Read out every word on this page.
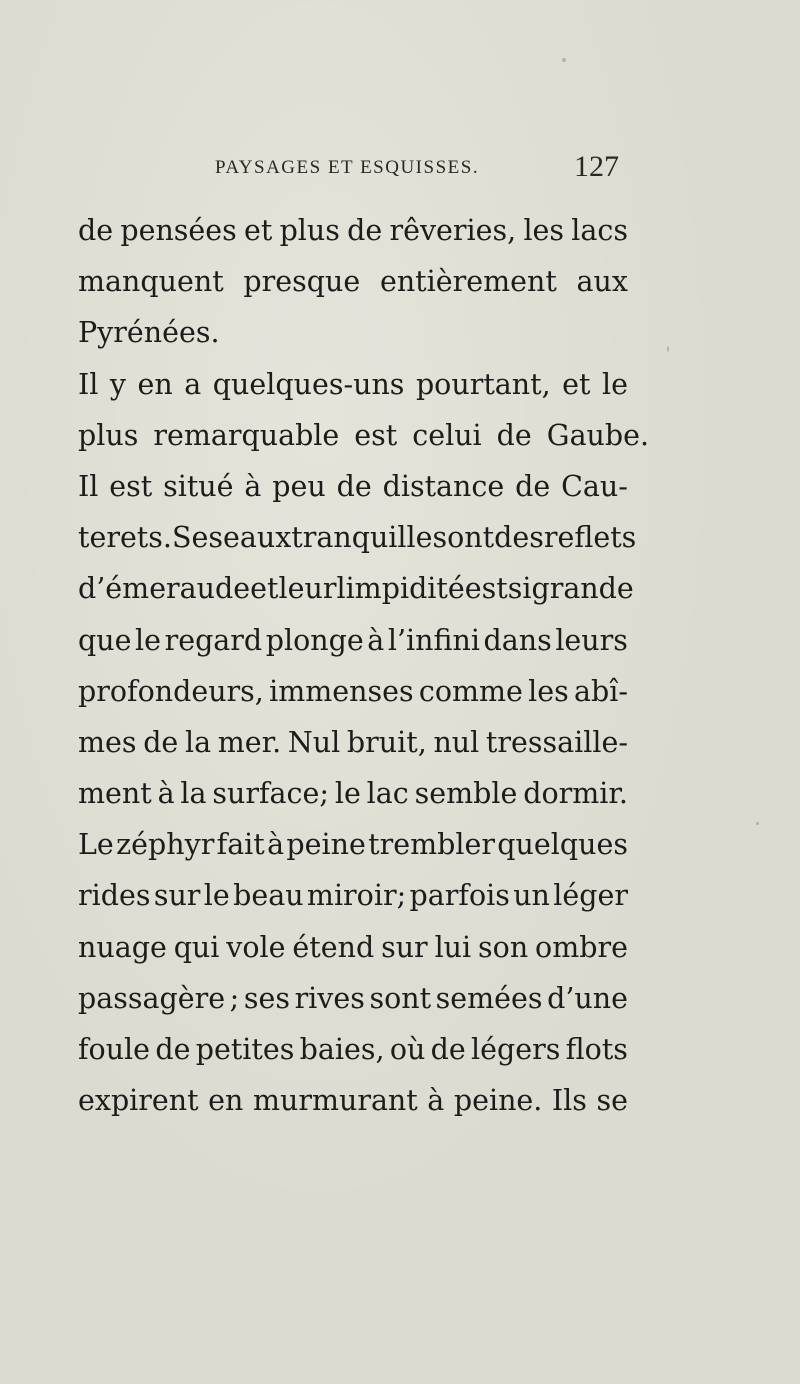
PAYSAGES ET ESQUISSES.	127
de pensées et plus de rêveries, les lacs
manquent presque entièrement aux
Pyrénées.
Il y en a quelques-uns pourtant, et le
plus remarquable est celui de Gaube.
Il est situé à peu de distance de Cau-
terets. Ses eaux tranquilles ont des reflets
d’émeraude et leur limpidité est si grande
que le regard plonge à l’infini dans leurs
profondeurs, immenses comme les abî-
mes de la mer. Nul bruit, nul tressaille-
ment à la surface; le lac semble dormir.
Le zéphyr fait à peine trembler quelques
rides sur le beau miroir; parfois un léger
nuage qui vole étend sur lui son ombre
passagère ; ses rives sont semées d’une
foule de petites baies, où de légers flots
expirent en murmurant à peine. Ils se
